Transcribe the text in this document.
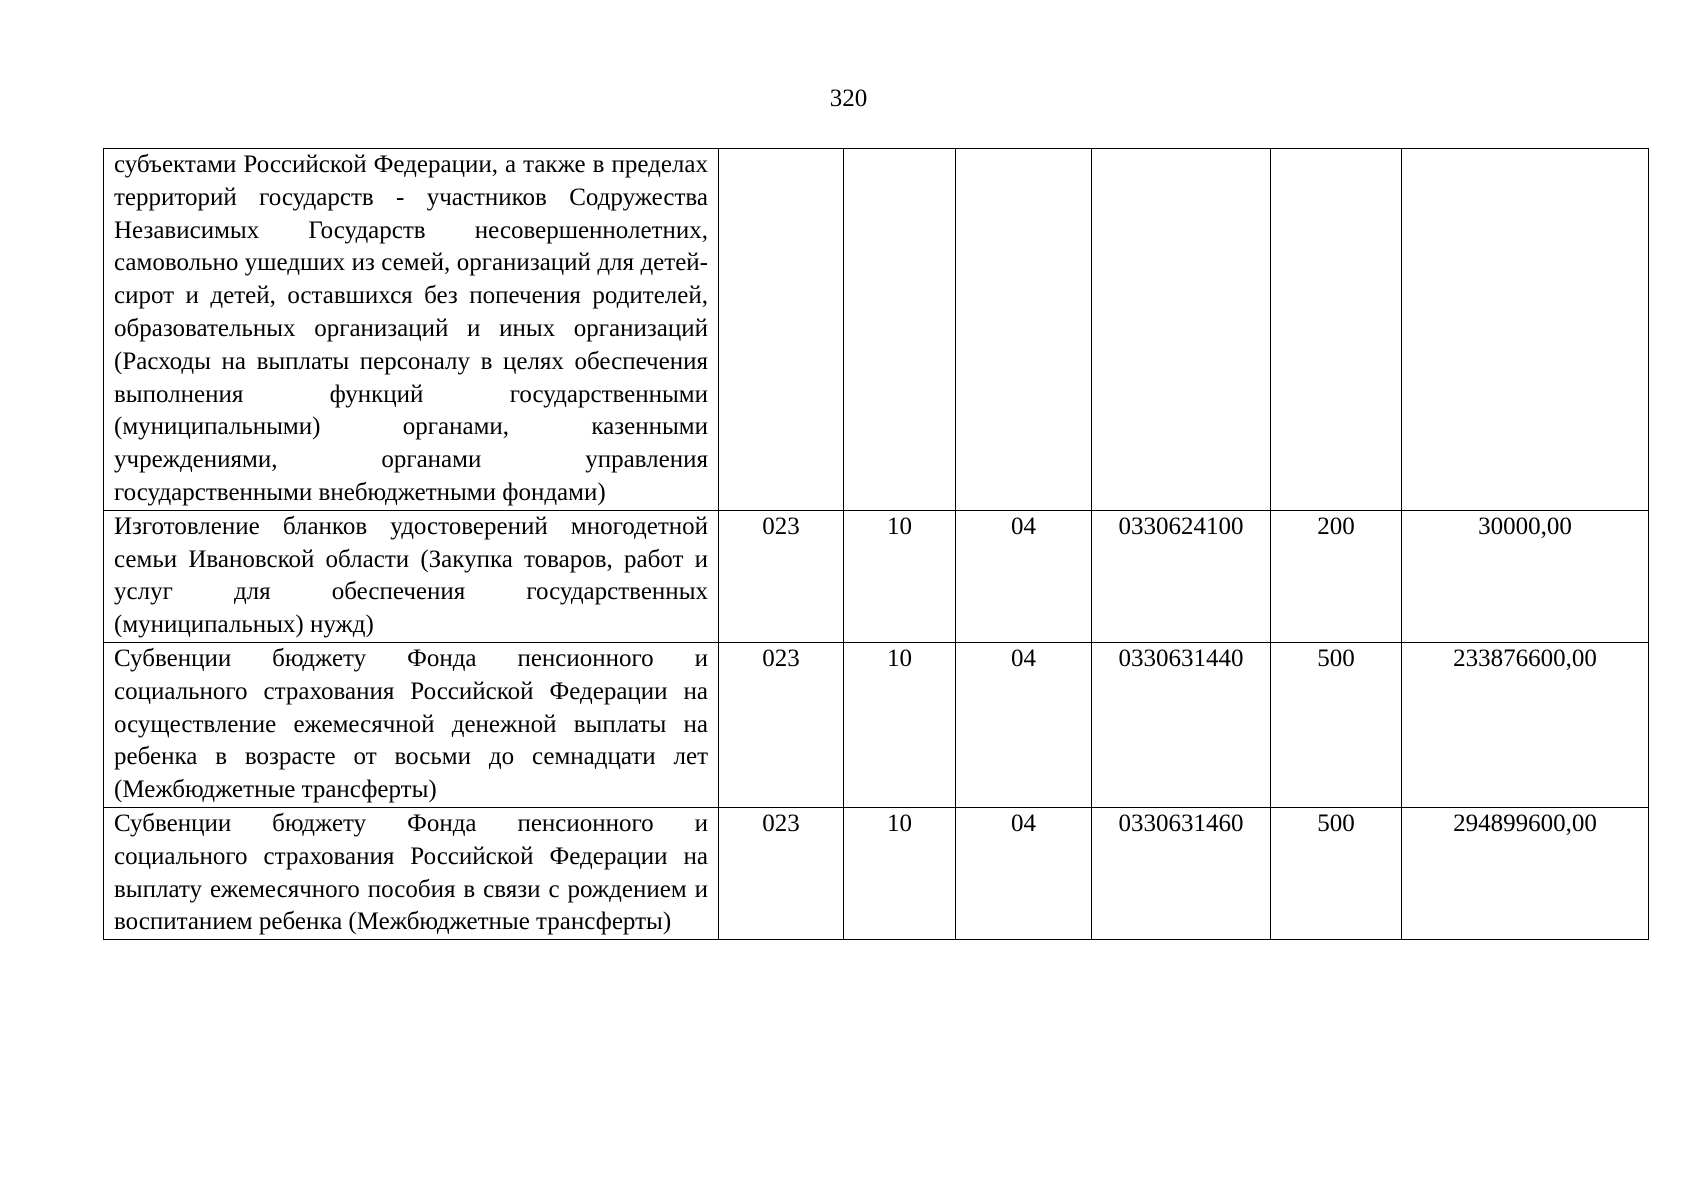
320
субъектами Российской Федерации, а также в пределах территорий государств - участников Содружества Независимых Государств несовершеннолетних, самовольно ушедших из семей, организаций для детей-сирот и детей, оставшихся без попечения родителей, образовательных организаций и иных организаций (Расходы на выплаты персоналу в целях обеспечения выполнения функций государственными (муниципальными) органами, казенными учреждениями, органами управления государственными внебюджетными фондами)						
Изготовление бланков удостоверений многодетной семьи Ивановской области (Закупка товаров, работ и услуг для обеспечения государственных (муниципальных) нужд)	023	10	04	0330624100	200	30000,00
Субвенции бюджету Фонда пенсионного и социального страхования Российской Федерации на осуществление ежемесячной денежной выплаты на ребенка в возрасте от восьми до семнадцати лет (Межбюджетные трансферты)	023	10	04	0330631440	500	233876600,00
Субвенции бюджету Фонда пенсионного и социального страхования Российской Федерации на выплату ежемесячного пособия в связи с рождением и воспитанием ребенка (Межбюджетные трансферты)	023	10	04	0330631460	500	294899600,00
